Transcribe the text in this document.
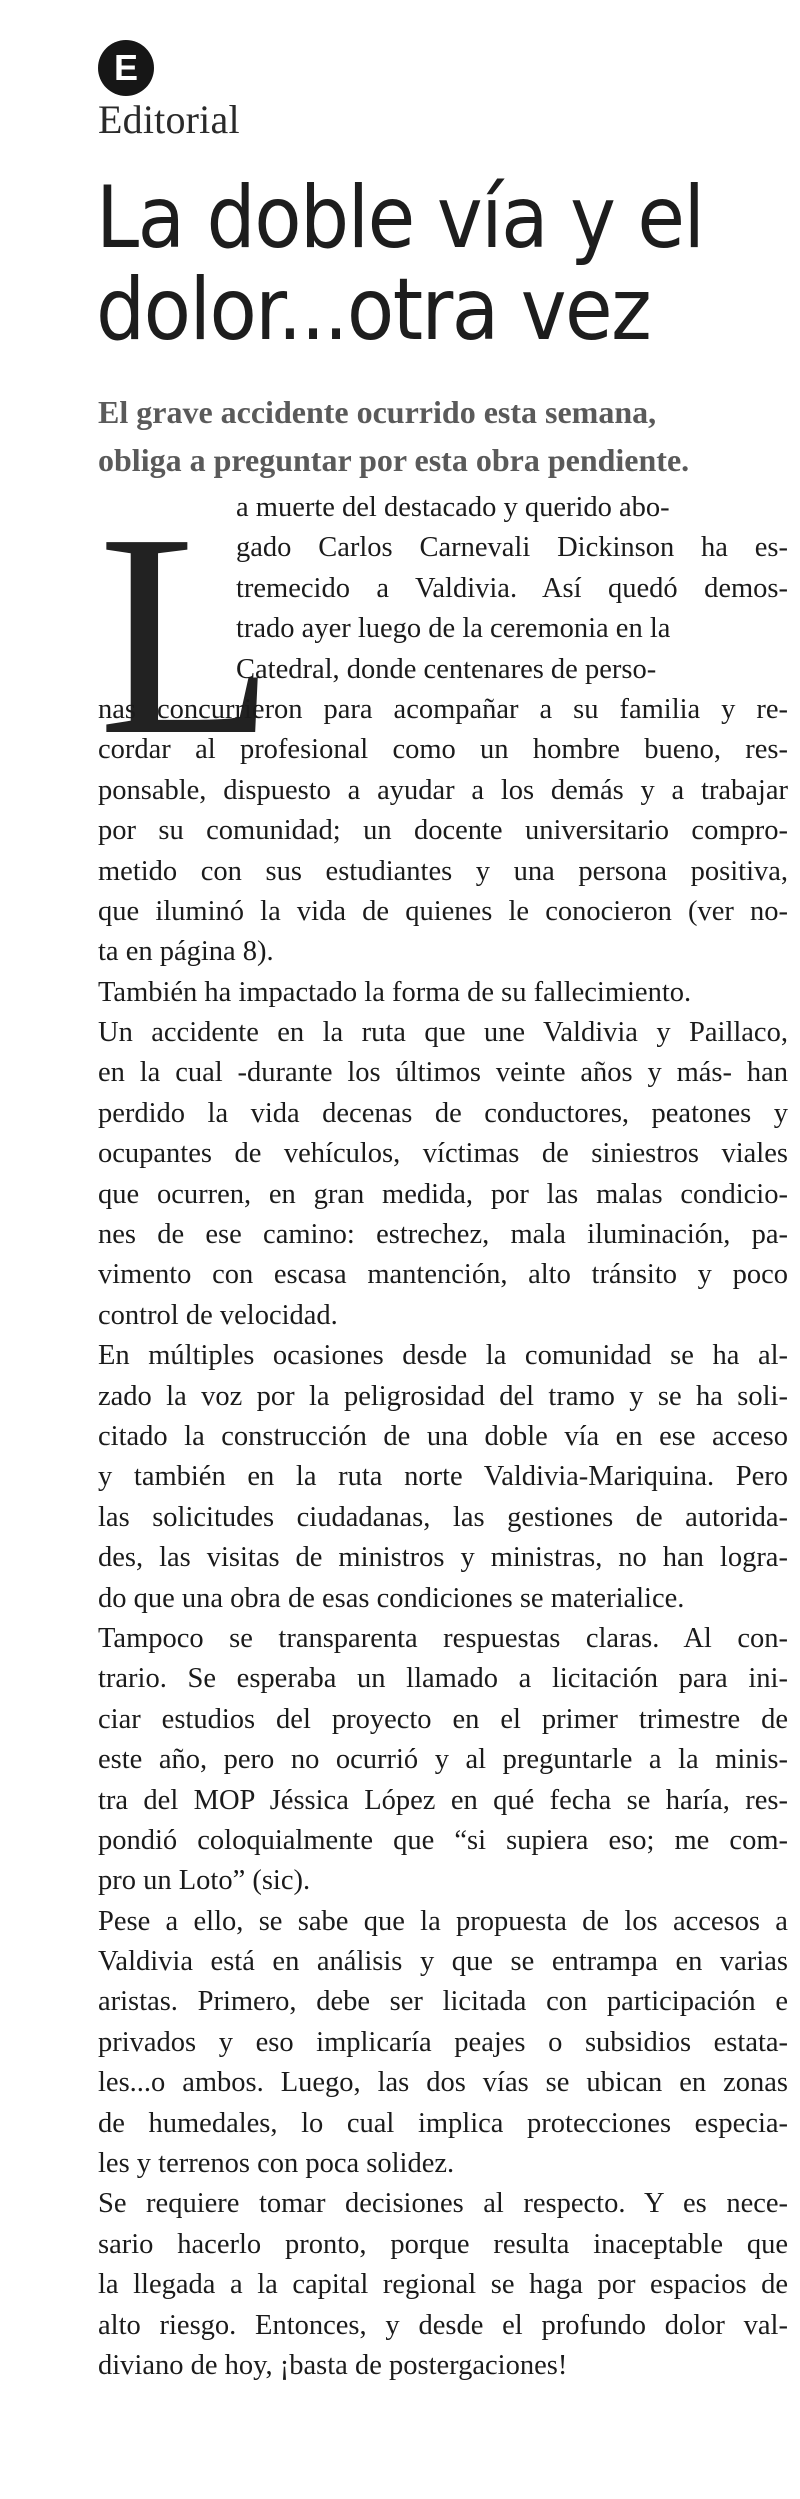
E
Editorial
La doble vía y el
dolor...otra vez
El grave accidente ocurrido esta semana,
obliga a preguntar por esta obra pendiente.
L
a muerte del destacado y querido abo-
gado Carlos Carnevali Dickinson ha es-
tremecido a Valdivia. Así quedó demos-
trado ayer luego de la ceremonia en la
Catedral, donde centenares de perso-
nas concurrieron para acompañar a su familia y re-
cordar al profesional como un hombre bueno, res-
ponsable, dispuesto a ayudar a los demás y a trabajar
por su comunidad; un docente universitario compro-
metido con sus estudiantes y una persona positiva,
que iluminó la vida de quienes le conocieron (ver no-
ta en página 8).
También ha impactado la forma de su fallecimiento.
Un accidente en la ruta que une Valdivia y Paillaco,
en la cual -durante los últimos veinte años y más- han
perdido la vida decenas de conductores, peatones y
ocupantes de vehículos, víctimas de siniestros viales
que ocurren, en gran medida, por las malas condicio-
nes de ese camino: estrechez, mala iluminación, pa-
vimento con escasa mantención, alto tránsito y poco
control de velocidad.
En múltiples ocasiones desde la comunidad se ha al-
zado la voz por la peligrosidad del tramo y se ha soli-
citado la construcción de una doble vía en ese acceso
y también en la ruta norte Valdivia-Mariquina. Pero
las solicitudes ciudadanas, las gestiones de autorida-
des, las visitas de ministros y ministras, no han logra-
do que una obra de esas condiciones se materialice.
Tampoco se transparenta respuestas claras. Al con-
trario. Se esperaba un llamado a licitación para ini-
ciar estudios del proyecto en el primer trimestre de
este año, pero no ocurrió y al preguntarle a la minis-
tra del MOP Jéssica López en qué fecha se haría, res-
pondió coloquialmente que “si supiera eso; me com-
pro un Loto” (sic).
Pese a ello, se sabe que la propuesta de los accesos a
Valdivia está en análisis y que se entrampa en varias
aristas. Primero, debe ser licitada con participación e
privados y eso implicaría peajes o subsidios estata-
les...o ambos. Luego, las dos vías se ubican en zonas
de humedales, lo cual implica protecciones especia-
les y terrenos con poca solidez.
Se requiere tomar decisiones al respecto. Y es nece-
sario hacerlo pronto, porque resulta inaceptable que
la llegada a la capital regional se haga por espacios de
alto riesgo. Entonces, y desde el profundo dolor val-
diviano de hoy, ¡basta de postergaciones!
